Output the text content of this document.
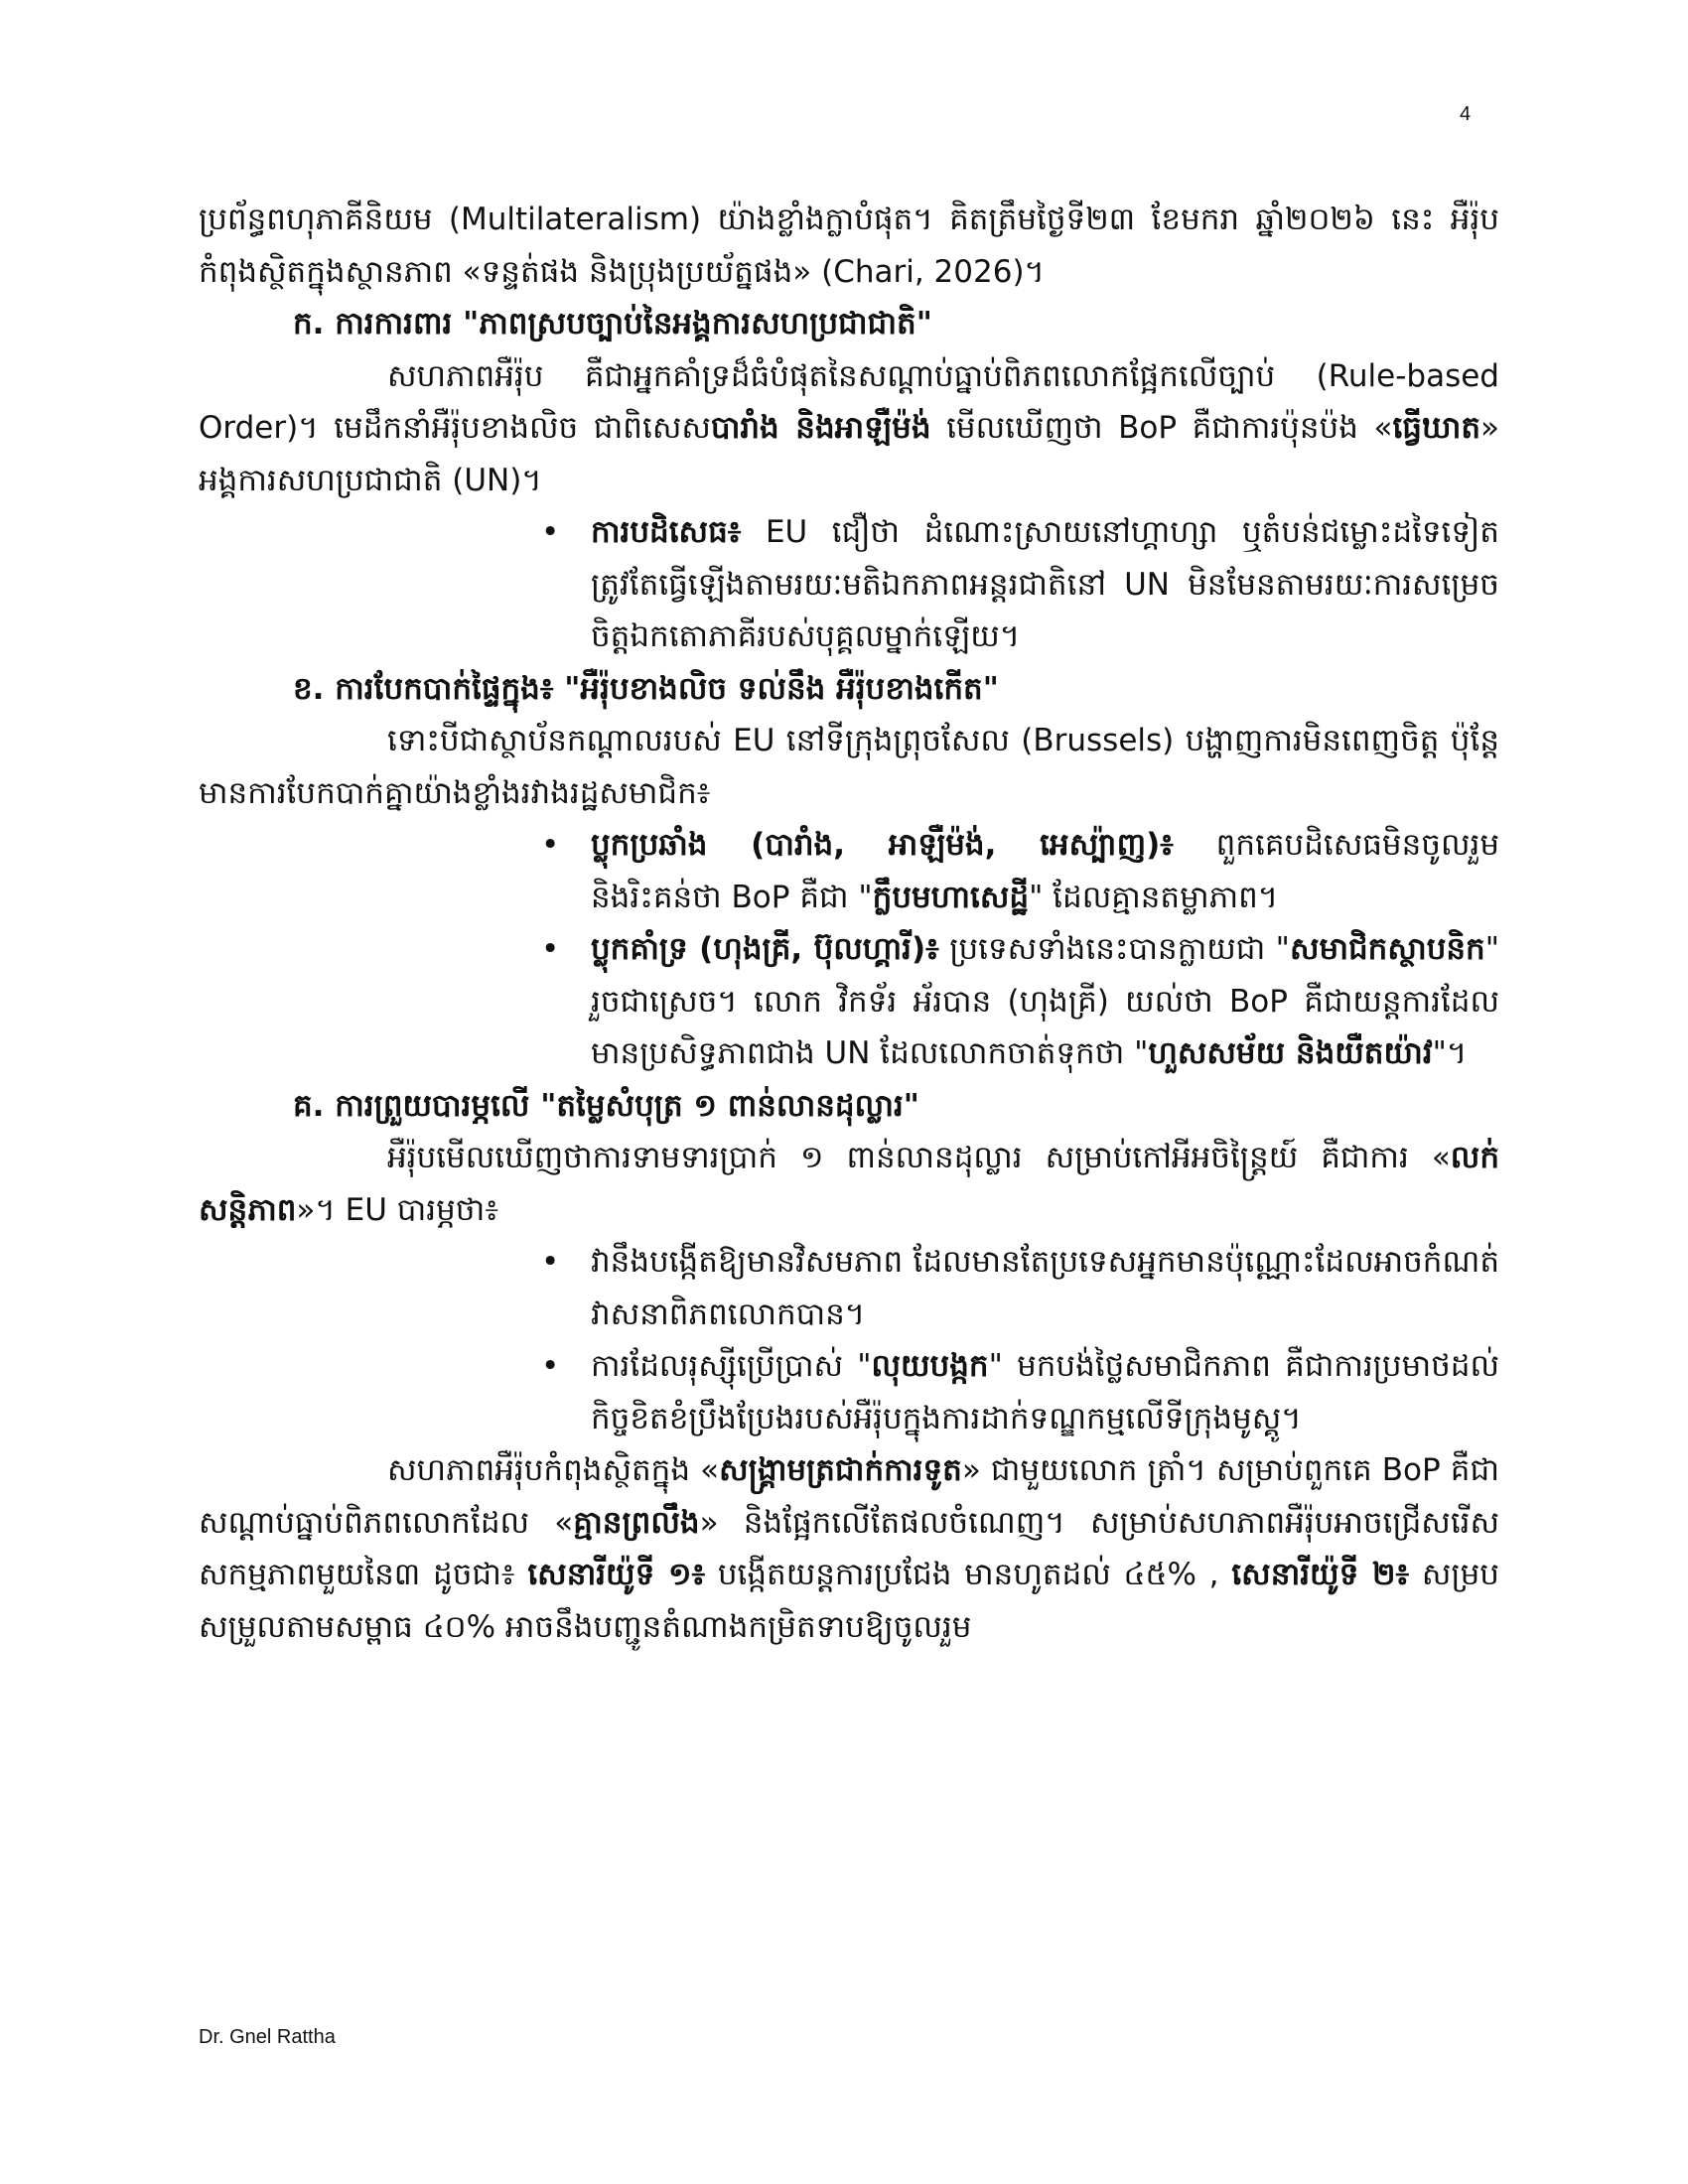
4

ប្រព័ន្ធពហុភាគីនិយម (Multilateralism) យ៉ាងខ្លាំងក្លាបំផុត។ គិតត្រឹមថ្ងៃទី២៣ ខែមករា ឆ្នាំ២០២៦ នេះ អឺរ៉ុបកំពុងស្ថិតក្នុងស្ថានភាព «ទន្ទត់ផង និងប្រុងប្រយ័ត្នផង» (Chari, 2026)។

ក. ការការពារ "ភាពស្របច្បាប់នៃអង្គការសហប្រជាជាតិ"

សហភាពអឺរ៉ុប គឺជាអ្នកគាំទ្រដ៏ធំបំផុតនៃសណ្តាប់ធ្នាប់ពិភពលោកផ្អែកលើច្បាប់ (Rule-based Order)។ មេដឹកនាំអឺរ៉ុបខាងលិច ជាពិសេសបារាំង និងអាឡឺម៉ង់ មើលឃើញថា BoP គឺជាការប៉ុនប៉ង «ធ្វើឃាត» អង្គការសហប្រជាជាតិ (UN)។

•	ការបដិសេធ៖ EU ជឿថា ដំណោះស្រាយនៅហ្គាហ្សា ឬតំបន់ជម្លោះដទៃទៀត ត្រូវតែធ្វើឡើងតាមរយៈមតិឯកភាពអន្តរជាតិនៅ UN មិនមែនតាមរយៈការសម្រេចចិត្តឯកតោភាគីរបស់បុគ្គលម្នាក់ឡើយ។

ខ. ការបែកបាក់ផ្ទៃក្នុង៖ "អឺរ៉ុបខាងលិច ទល់នឹង អឺរ៉ុបខាងកើត"

ទោះបីជាស្ថាប័នកណ្តាលរបស់ EU នៅទីក្រុងព្រុចសែល (Brussels) បង្ហាញការមិនពេញចិត្ត ប៉ុន្តែមានការបែកបាក់គ្នាយ៉ាងខ្លាំងរវាងរដ្ឋសមាជិក៖

•	ប្លុកប្រឆាំង (បារាំង, អាឡឺម៉ង់, អេស្ប៉ាញ)៖ ពួកគេបដិសេធមិនចូលរួម និងរិះគន់ថា BoP គឺជា "ក្លឹបមហាសេដ្ឋី" ដែលគ្មានតម្លាភាព។
•	ប្លុកគាំទ្រ (ហុងគ្រី, ប៊ុលហ្គារី)៖ ប្រទេសទាំងនេះបានក្លាយជា "សមាជិកស្ថាបនិក" រួចជាស្រេច។ លោក វិកទ័រ អ័របាន (ហុងគ្រី) យល់ថា BoP គឺជាយន្តការដែលមានប្រសិទ្ធភាពជាង UN ដែលលោកចាត់ទុកថា "ហួសសម័យ និងយឺតយ៉ាវ"។

គ. ការព្រួយបារម្ភលើ "តម្លៃសំបុត្រ ១ ពាន់លានដុល្លារ"

អឺរ៉ុបមើលឃើញថាការទាមទារប្រាក់ ១ ពាន់លានដុល្លារ សម្រាប់កៅអីអចិន្ត្រៃយ៍ គឺជាការ «លក់សន្តិភាព»។ EU បារម្ភថា៖

•	វានឹងបង្កើតឱ្យមានវិសមភាព ដែលមានតែប្រទេសអ្នកមានប៉ុណ្ណោះដែលអាចកំណត់វាសនាពិភពលោកបាន។
•	ការដែលរុស្ស៊ីប្រើប្រាស់ "លុយបង្កក" មកបង់ថ្លៃសមាជិកភាព គឺជាការប្រមាថដល់កិច្ចខិតខំប្រឹងប្រែងរបស់អឺរ៉ុបក្នុងការដាក់ទណ្ឌកម្មលើទីក្រុងមូស្គូ។

សហភាពអឺរ៉ុបកំពុងស្ថិតក្នុង «សង្គ្រាមត្រជាក់ការទូត» ជាមួយលោក ត្រាំ។ សម្រាប់ពួកគេ BoP គឺជាសណ្តាប់ធ្នាប់ពិភពលោកដែល «គ្មានព្រលឹង» និងផ្អែកលើតែផលចំណេញ។ សម្រាប់សហភាពអឺរ៉ុបអាចជ្រើសរើសសកម្មភាពមួយនៃ៣ ដូចជា៖ សេនារីយ៉ូទី ១៖ បង្កើតយន្តការប្រជែង មានហូតដល់ ៤៥% , សេនារីយ៉ូទី ២៖ សម្របសម្រួលតាមសម្ពាធ ៤០% អាចនឹងបញ្ជូនតំណាងកម្រិតទាបឱ្យចូលរួម

Dr. Gnel Rattha
